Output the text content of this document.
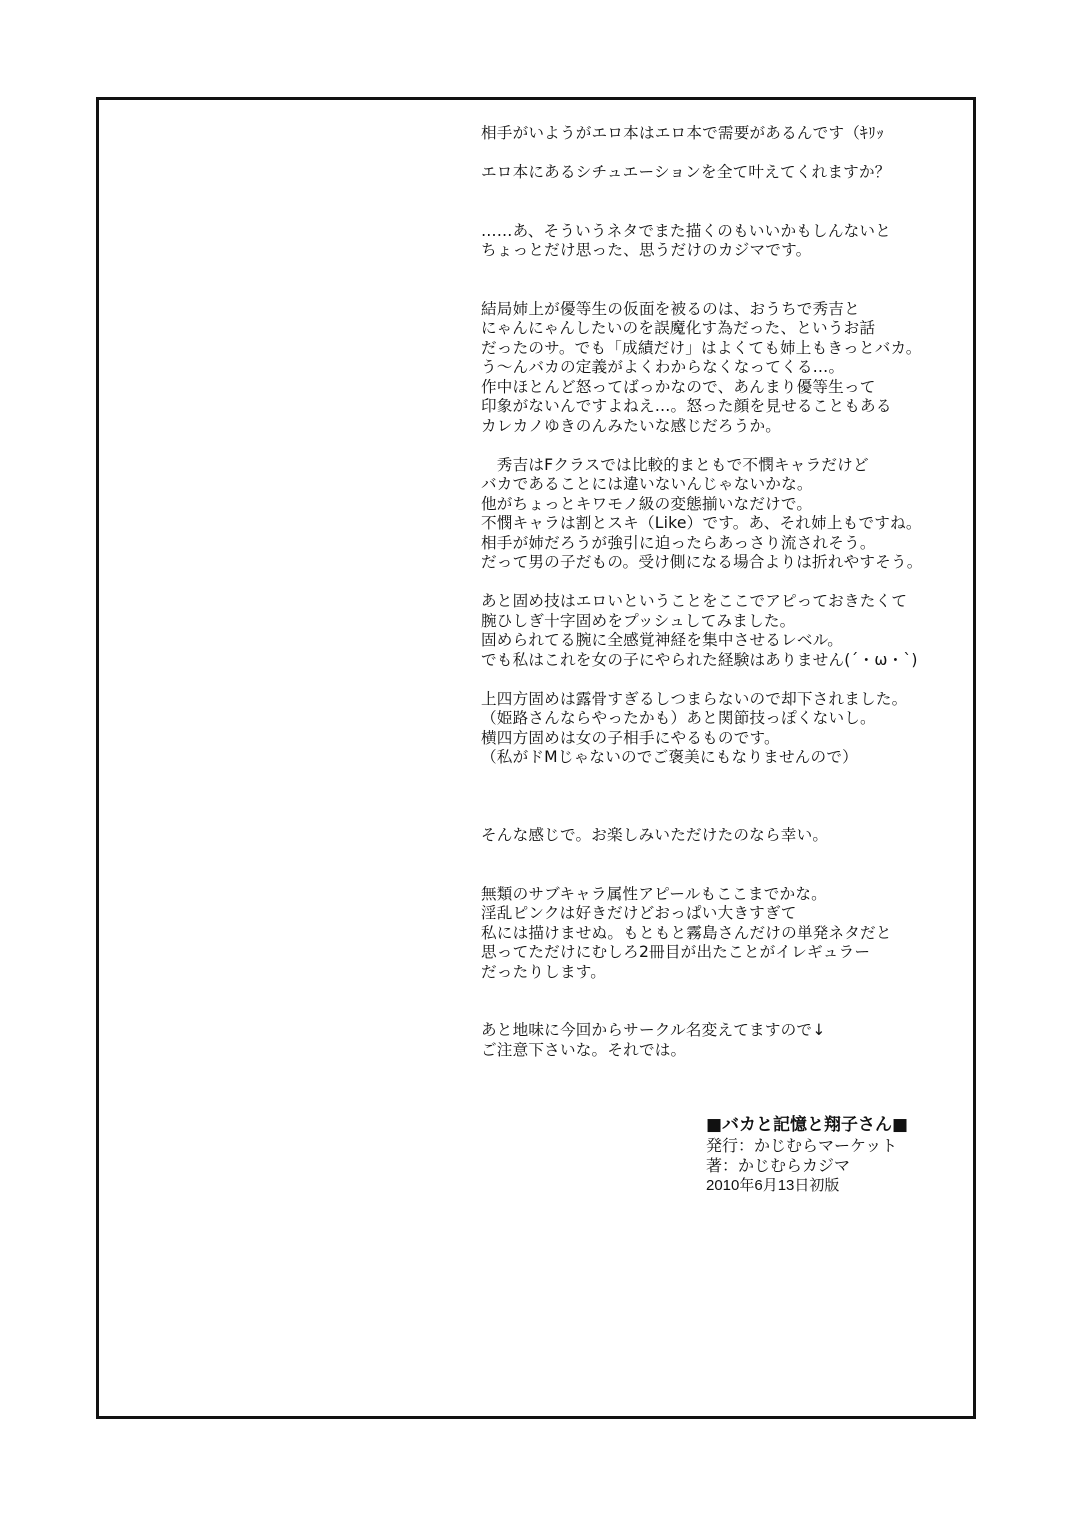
相手がいようがエロ本はエロ本で需要があるんです（ｷﾘｯ

エロ本にあるシチュエーションを全て叶えてくれますか？

……あ、そういうネタでまた描くのもいいかもしんないと
ちょっとだけ思った、思うだけのカジマです。

結局姉上が優等生の仮面を被るのは、おうちで秀吉と
にゃんにゃんしたいのを誤魔化す為だった、というお話
だったのサ。でも「成績だけ」はよくても姉上もきっとバカ。
う～んバカの定義がよくわからなくなってくる…。
作中ほとんど怒ってばっかなので、あんまり優等生って
印象がないんですよねえ…。怒った顔を見せることもある
カレカノゆきのんみたいな感じだろうか。

　秀吉はFクラスでは比較的まともで不憫キャラだけど
バカであることには違いないんじゃないかな。
他がちょっとキワモノ級の変態揃いなだけで。
不憫キャラは割とスキ（Like）です。あ、それ姉上もですね。
相手が姉だろうが強引に迫ったらあっさり流されそう。
だって男の子だもの。受け側になる場合よりは折れやすそう。

あと固め技はエロいということをここでアピっておきたくて
腕ひしぎ十字固めをプッシュしてみました。
固められてる腕に全感覚神経を集中させるレベル。
でも私はこれを女の子にやられた経験はありません(´・ω・`)

上四方固めは露骨すぎるしつまらないので却下されました。
（姫路さんならやったかも）あと関節技っぽくないし。
横四方固めは女の子相手にやるものです。
（私がドMじゃないのでご褒美にもなりませんので）

そんな感じで。お楽しみいただけたのなら幸い。

無類のサブキャラ属性アピールもここまでかな。
淫乱ピンクは好きだけどおっぱい大きすぎて
私には描けませぬ。もともと霧島さんだけの単発ネタだと
思ってただけにむしろ2冊目が出たことがイレギュラー
だったりします。

あと地味に今回からサークル名変えてますので↓
ご注意下さいな。それでは。
■バカと記憶と翔子さん■
発行：かじむらマーケット
著：かじむらカジマ
2010年6月13日初版
